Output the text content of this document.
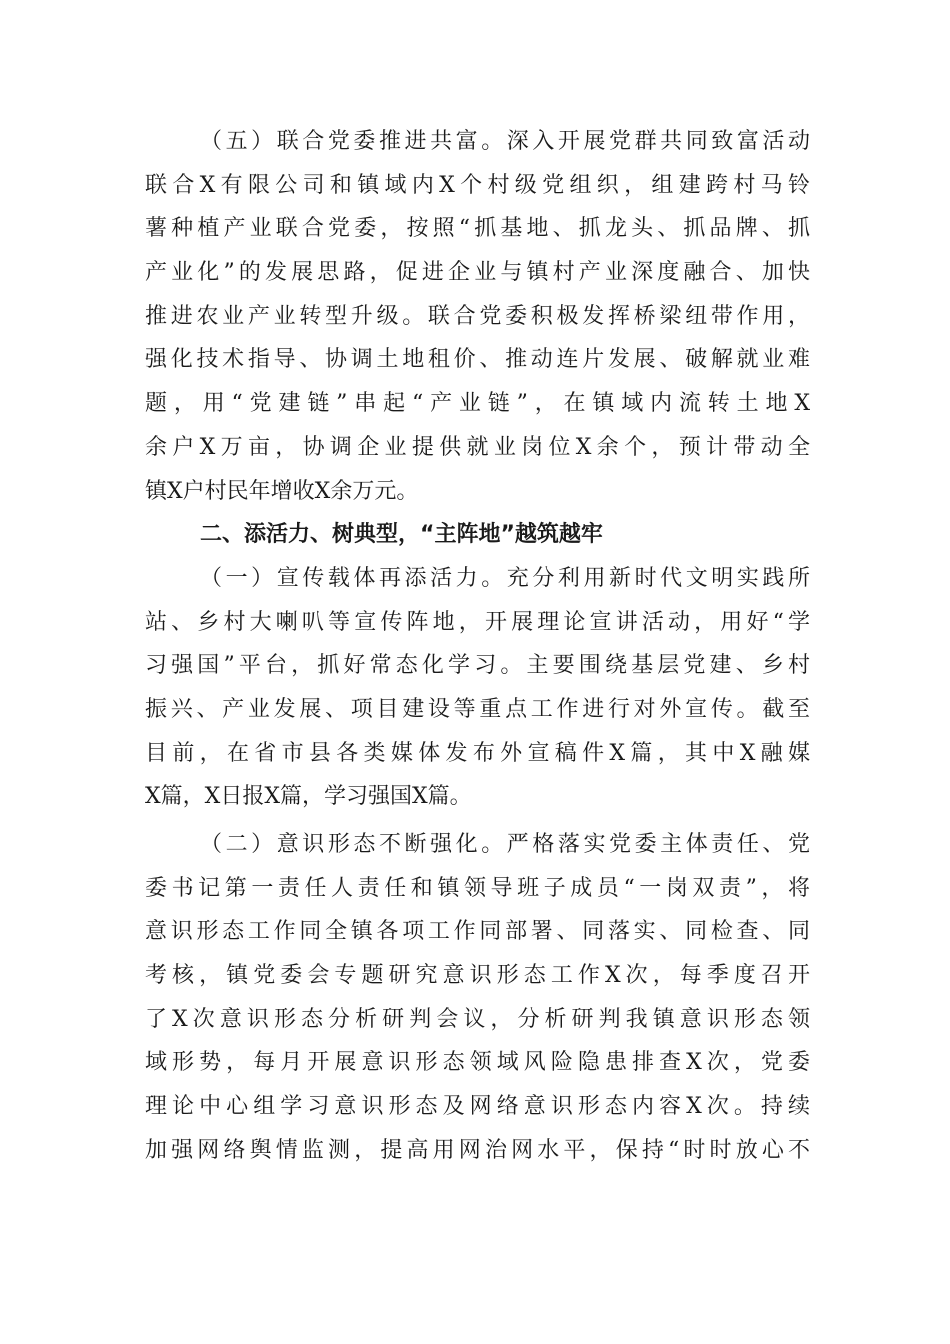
（五）联合党委推进共富。深入开展党群共同致富活动
联合X有限公司和镇域内X个村级党组织，组建跨村马铃
薯种植产业联合党委，按照“抓基地、抓龙头、抓品牌、抓
产业化”的发展思路，促进企业与镇村产业深度融合、加快
推进农业产业转型升级。联合党委积极发挥桥梁纽带作用，
强化技术指导、协调土地租价、推动连片发展、破解就业难
题，用“党建链”串起“产业链”，在镇域内流转土地X
余户X万亩，协调企业提供就业岗位X余个，预计带动全
镇X户村民年增收X余万元。
二、添活力、树典型，“主阵地”越筑越牢
（一）宣传载体再添活力。充分利用新时代文明实践所
站、乡村大喇叭等宣传阵地，开展理论宣讲活动，用好“学
习强国”平台，抓好常态化学习。主要围绕基层党建、乡村
振兴、产业发展、项目建设等重点工作进行对外宣传。截至
目前，在省市县各类媒体发布外宣稿件X篇，其中X融媒
X篇，X日报X篇，学习强国X篇。
（二）意识形态不断强化。严格落实党委主体责任、党
委书记第一责任人责任和镇领导班子成员“一岗双责”，将
意识形态工作同全镇各项工作同部署、同落实、同检查、同
考核，镇党委会专题研究意识形态工作X次，每季度召开
了X次意识形态分析研判会议，分析研判我镇意识形态领
域形势，每月开展意识形态领域风险隐患排查X次，党委
理论中心组学习意识形态及网络意识形态内容X次。持续
加强网络舆情监测，提高用网治网水平，保持“时时放心不
